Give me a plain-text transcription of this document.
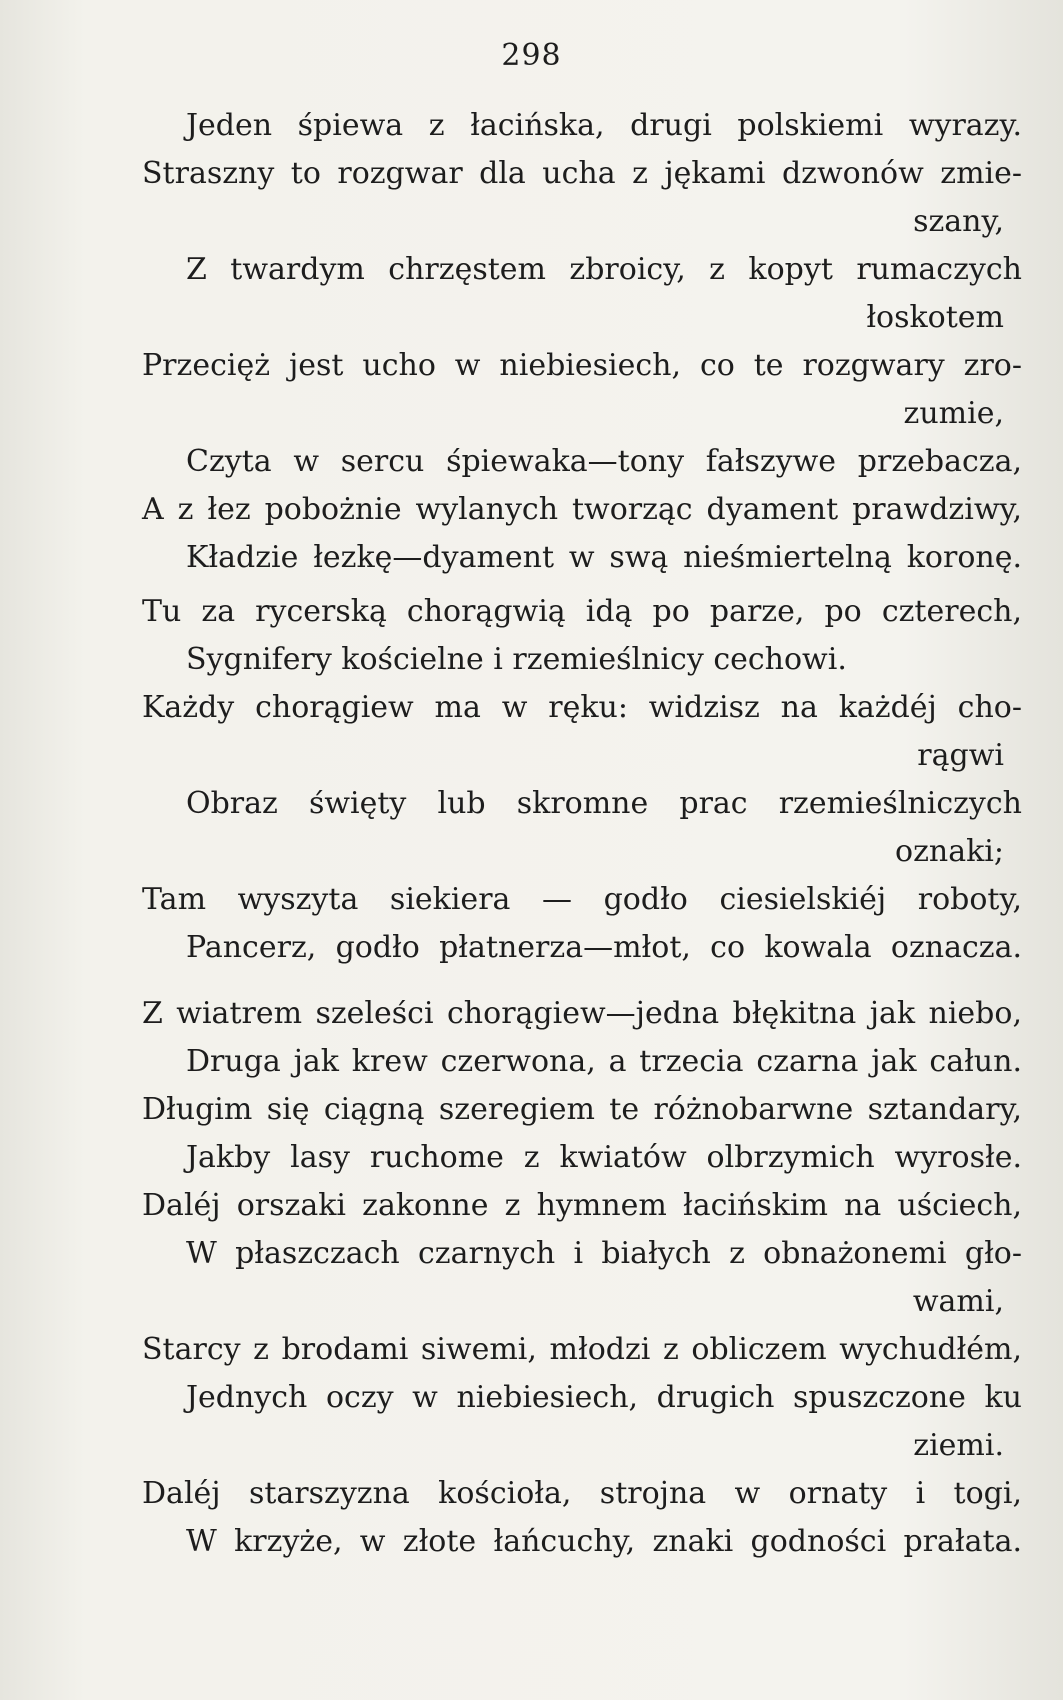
298
Jeden śpiewa z łacińska, drugi polskiemi wyrazy.
Straszny to rozgwar dla ucha z jękami dzwonów zmie-
szany,
Z twardym chrzęstem zbroicy, z kopyt rumaczych
łoskotem
Przecięż jest ucho w niebiesiech, co te rozgwary zro-
zumie,
Czyta w sercu śpiewaka—tony fałszywe przebacza,
A z łez pobożnie wylanych tworząc dyament prawdziwy,
Kładzie łezkę—dyament w swą nieśmiertelną koronę.
Tu za rycerską chorągwią idą po parze, po czterech,
Sygnifery kościelne i rzemieślnicy cechowi.
Każdy chorągiew ma w ręku: widzisz na każdéj cho-
rągwi
Obraz święty lub skromne prac rzemieślniczych
oznaki;
Tam wyszyta siekiera — godło ciesielskiéj roboty,
Pancerz, godło płatnerza—młot, co kowala oznacza.
Z wiatrem szeleści chorągiew—jedna błękitna jak niebo,
Druga jak krew czerwona, a trzecia czarna jak całun.
Długim się ciągną szeregiem te różnobarwne sztandary,
Jakby lasy ruchome z kwiatów olbrzymich wyrosłe.
Daléj orszaki zakonne z hymnem łacińskim na uściech,
W płaszczach czarnych i białych z obnażonemi gło-
wami,
Starcy z brodami siwemi, młodzi z obliczem wychudłém,
Jednych oczy w niebiesiech, drugich spuszczone ku
ziemi.
Daléj starszyzna kościoła, strojna w ornaty i togi,
W krzyże, w złote łańcuchy, znaki godności prałata.
